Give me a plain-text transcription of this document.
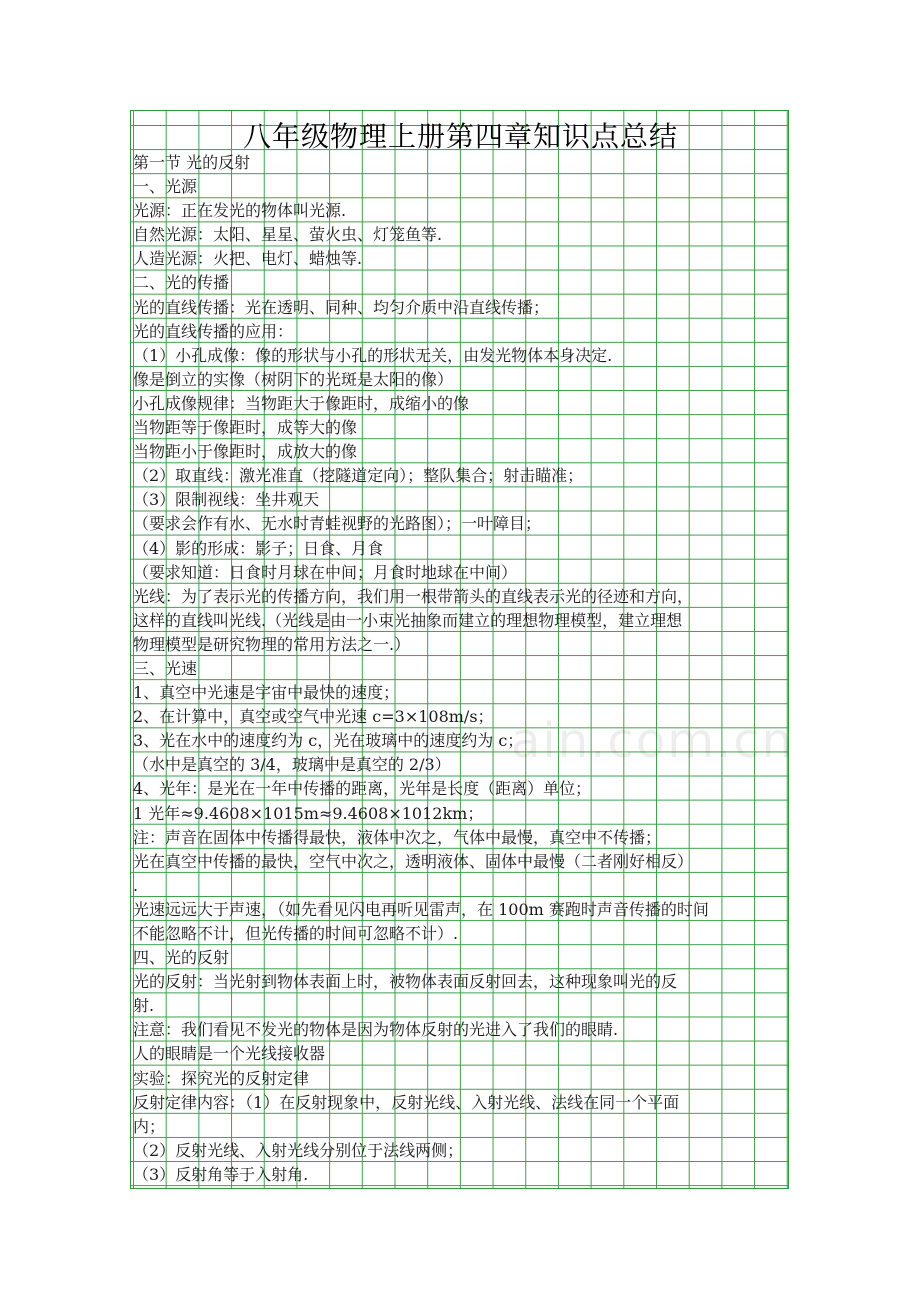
八年级物理上册第四章知识点总结
ain.com.cn
第一节 光的反射
一、光源
光源：正在发光的物体叫光源.
自然光源：太阳、星星、萤火虫、灯笼鱼等.
人造光源：火把、电灯、蜡烛等.
二、光的传播
光的直线传播：光在透明、同种、均匀介质中沿直线传播；
光的直线传播的应用：
（1）小孔成像：像的形状与小孔的形状无关，由发光物体本身决定.
像是倒立的实像（树阴下的光斑是太阳的像）
小孔成像规律：当物距大于像距时，成缩小的像
当物距等于像距时，成等大的像
当物距小于像距时，成放大的像
（2）取直线：激光准直（挖隧道定向）；整队集合；射击瞄准；
（3）限制视线：坐井观天
（要求会作有水、无水时青蛙视野的光路图）；一叶障目；
（4）影的形成：影子；日食、月食
（要求知道：日食时月球在中间；月食时地球在中间）
光线：为了表示光的传播方向，我们用一根带箭头的直线表示光的径迹和方向，
这样的直线叫光线.（光线是由一小束光抽象而建立的理想物理模型，建立理想
物理模型是研究物理的常用方法之一.）
三、光速
1、真空中光速是宇宙中最快的速度；
2、在计算中，真空或空气中光速 c=3×108m/s；
3、光在水中的速度约为 c，光在玻璃中的速度约为 c；
（水中是真空的 3/4，玻璃中是真空的 2/3）
4、光年：是光在一年中传播的距离，光年是长度（距离）单位；
1 光年≈9.4608×1015m≈9.4608×1012km；
注：声音在固体中传播得最快，液体中次之，气体中最慢，真空中不传播；
光在真空中传播的最快，空气中次之，透明液体、固体中最慢（二者刚好相反）
.
光速远远大于声速，（如先看见闪电再听见雷声，在 100m 赛跑时声音传播的时间
不能忽略不计，但光传播的时间可忽略不计）.
四、光的反射
光的反射：当光射到物体表面上时，被物体表面反射回去，这种现象叫光的反
射.
注意：我们看见不发光的物体是因为物体反射的光进入了我们的眼睛.
人的眼睛是一个光线接收器
实验：探究光的反射定律
反射定律内容：（1）在反射现象中，反射光线、入射光线、法线在同一个平面
内；
（2）反射光线、入射光线分别位于法线两侧；
（3）反射角等于入射角.
